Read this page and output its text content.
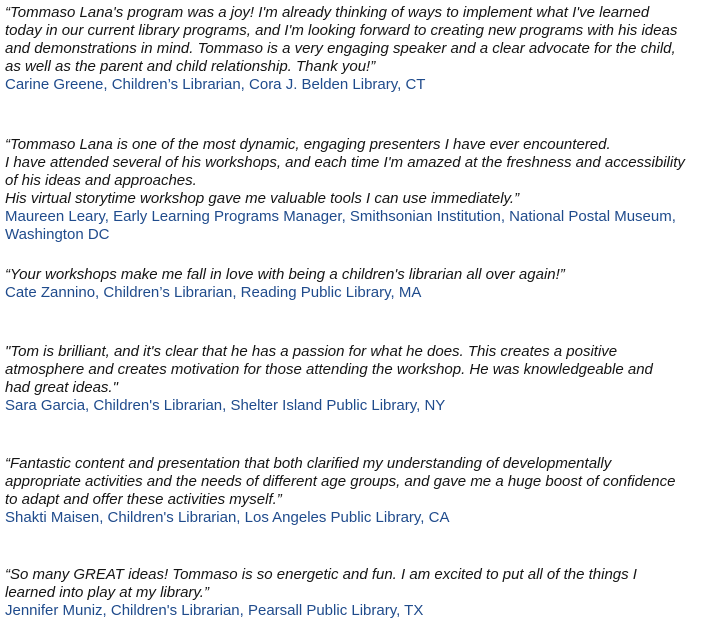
“Tommaso Lana's program was a joy! I'm already thinking of ways to implement what I've learned
today in our current library programs, and I'm looking forward to creating new programs with his ideas
and demonstrations in mind. Tommaso is a very engaging speaker and a clear advocate for the child,
as well as the parent and child relationship. Thank you!”
Carine Greene, Children’s Librarian, Cora J. Belden Library, CT
“Tommaso Lana is one of the most dynamic, engaging presenters I have ever encountered.
I have attended several of his workshops, and each time I'm amazed at the freshness and accessibility
of his ideas and approaches.
His virtual storytime workshop gave me valuable tools I can use immediately.”
Maureen Leary, Early Learning Programs Manager, Smithsonian Institution, National Postal Museum,
Washington DC
“Your workshops make me fall in love with being a children's librarian all over again!”
Cate Zannino, Children’s Librarian, Reading Public Library, MA
"Tom is brilliant, and it's clear that he has a passion for what he does. This creates a positive
atmosphere and creates motivation for those attending the workshop. He was knowledgeable and
had great ideas."
Sara Garcia, Children's Librarian, Shelter Island Public Library, NY
“Fantastic content and presentation that both clarified my understanding of developmentally
appropriate activities and the needs of different age groups, and gave me a huge boost of confidence
to adapt and offer these activities myself.”
Shakti Maisen, Children's Librarian, Los Angeles Public Library, CA
“So many GREAT ideas! Tommaso is so energetic and fun. I am excited to put all of the things I
learned into play at my library.”
Jennifer Muniz, Children's Librarian, Pearsall Public Library, TX
